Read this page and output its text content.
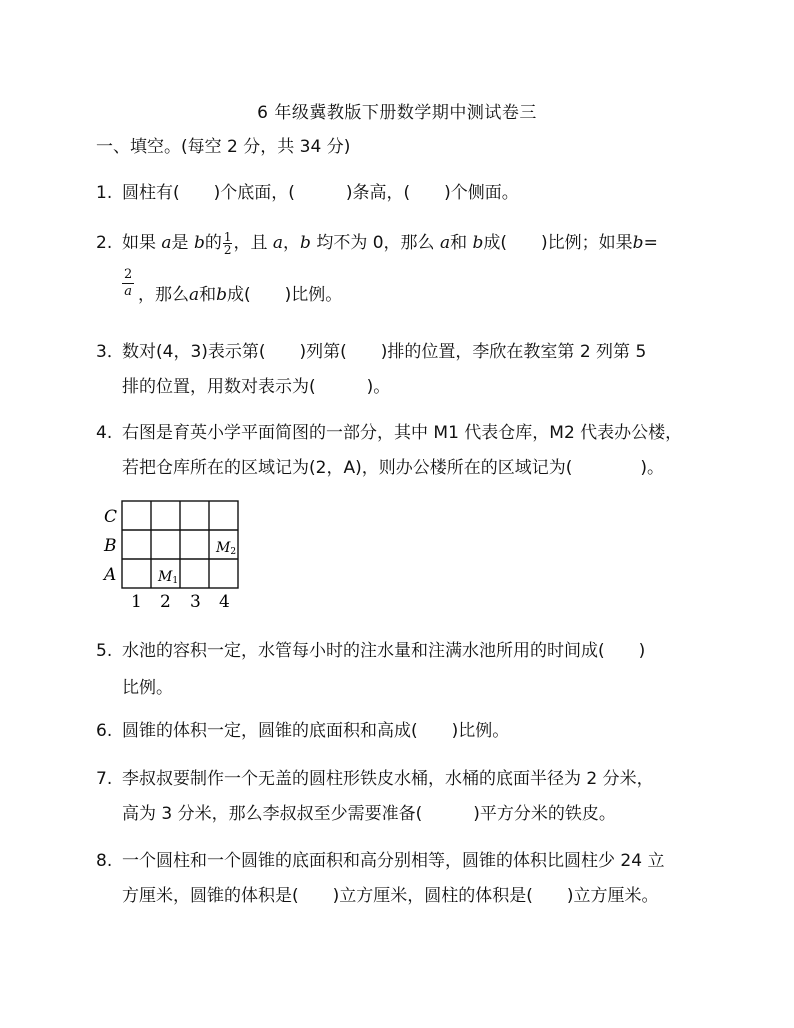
6 年级冀教版下册数学期中测试卷三
一、填空。(每空 2 分，共 34 分)
1. 圆柱有(　　)个底面，(　　　)条高，(　　)个侧面。
2. 如果 a是 b的 $\frac{1}{2}$ ，且 a，b 均不为 0，那么 a和 b成(　　)比例；如果b=
$\frac{2}{a}$ ，那么a和b成(　　)比例。
3．数对(4，3)表示第(　　)列第(　　)排的位置，李欣在教室第 2 列第 5
排的位置，用数对表示为(　　　)。
4. 右图是育英小学平面简图的一部分，其中 M1 代表仓库，M2 代表办公楼，
若把仓库所在的区域记为(2，A)，则办公楼所在的区域记为(　　　　)。
C
B
A
1 2 3 4
M1
M2
5. 水池的容积一定，水管每小时的注水量和注满水池所用的时间成(　　)
比例。
6. 圆锥的体积一定，圆锥的底面积和高成(　　)比例。
7. 李叔叔要制作一个无盖的圆柱形铁皮水桶，水桶的底面半径为 2 分米，
高为 3 分米，那么李叔叔至少需要准备(　　　)平方分米的铁皮。
8. 一个圆柱和一个圆锥的底面积和高分别相等，圆锥的体积比圆柱少 24 立
方厘米，圆锥的体积是(　　)立方厘米，圆柱的体积是(　　)立方厘米。
